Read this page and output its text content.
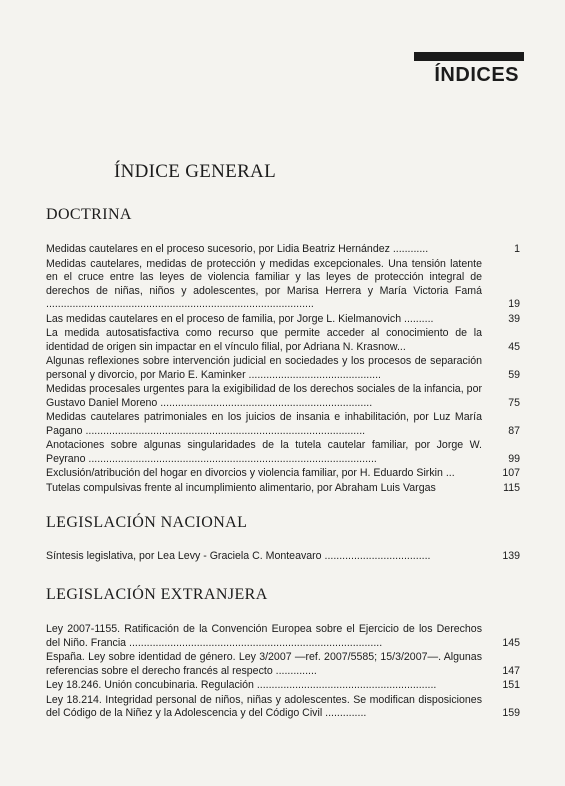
ÍNDICES
ÍNDICE GENERAL
DOCTRINA
Medidas cautelares en el proceso sucesorio, por Lidia Beatriz Hernández ............	1
Medidas cautelares, medidas de protección y medidas excepcionales. Una tensión latente en el cruce entre las leyes de violencia familiar y las leyes de protección integral de derechos de niñas, niños y adolescentes, por Marisa Herrera y María Victoria Famá ...........................................................................................	19
Las medidas cautelares en el proceso de familia, por Jorge L. Kielmanovich ..........	39
La medida autosatisfactiva como recurso que permite acceder al conocimiento de la identidad de origen sin impactar en el vínculo filial, por Adriana N. Krasnow...	45
Algunas reflexiones sobre intervención judicial en sociedades y los procesos de separación personal y divorcio, por Mario E. Kaminker .............................................	59
Medidas procesales urgentes para la exigibilidad de los derechos sociales de la infancia, por Gustavo Daniel Moreno ........................................................................	75
Medidas cautelares patrimoniales en los juicios de insania e inhabilitación, por Luz María Pagano ...............................................................................................	87
Anotaciones sobre algunas singularidades de la tutela cautelar familiar, por Jorge W. Peyrano ..................................................................................................	99
Exclusión/atribución del hogar en divorcios y violencia familiar, por H. Eduardo Sirkin ...	107
Tutelas compulsivas frente al incumplimiento alimentario, por Abraham Luis Vargas	115
LEGISLACIÓN NACIONAL
Síntesis legislativa, por Lea Levy - Graciela C. Monteavaro ....................................	139
LEGISLACIÓN EXTRANJERA
Ley 2007-1155. Ratificación de la Convención Europea sobre el Ejercicio de los Derechos del Niño. Francia ......................................................................................	145
España. Ley sobre identidad de género. Ley 3/2007 —ref. 2007/5585; 15/3/2007—. Algunas referencias sobre el derecho francés al respecto ..............	147
Ley 18.246. Unión concubinaria. Regulación .............................................................	151
Ley 18.214. Integridad personal de niños, niñas y adolescentes. Se modifican disposiciones del Código de la Niñez y la Adolescencia y del Código Civil ..............	159
